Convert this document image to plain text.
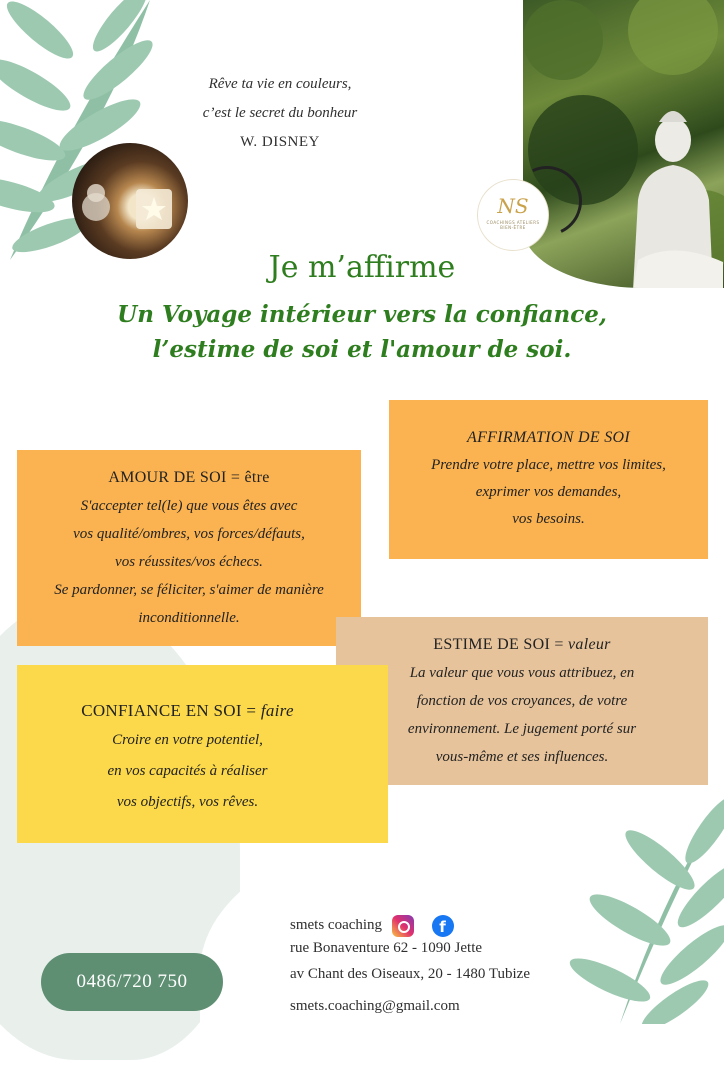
Rêve ta vie en couleurs,
c’est le secret du bonheur
W. DISNEY
NS
COACHINGS ATELIERS BIEN-ÊTRE
Je m’affirme
Un Voyage intérieur vers la confiance,
l’estime de soi et l'amour de soi.
AFFIRMATION DE SOI
Prendre votre place, mettre vos limites,
exprimer vos demandes,
vos besoins.
AMOUR DE SOI = être
S'accepter tel(le) que vous êtes avec
vos qualité/ombres, vos forces/défauts,
vos réussites/vos échecs.
Se pardonner, se féliciter, s'aimer de manière
inconditionnelle.
ESTIME DE SOI = valeur
La valeur que vous vous attribuez, en
fonction de vos croyances, de votre
environnement. Le jugement porté sur
vous-même et ses influences.
CONFIANCE EN SOI = faire
Croire en votre potentiel,
en vos capacités à réaliser
vos objectifs, vos rêves.
smets coaching	f
rue Bonaventure 62 - 1090 Jette
av Chant des Oiseaux, 20 - 1480 Tubize
smets.coaching@gmail.com
0486/720 750
